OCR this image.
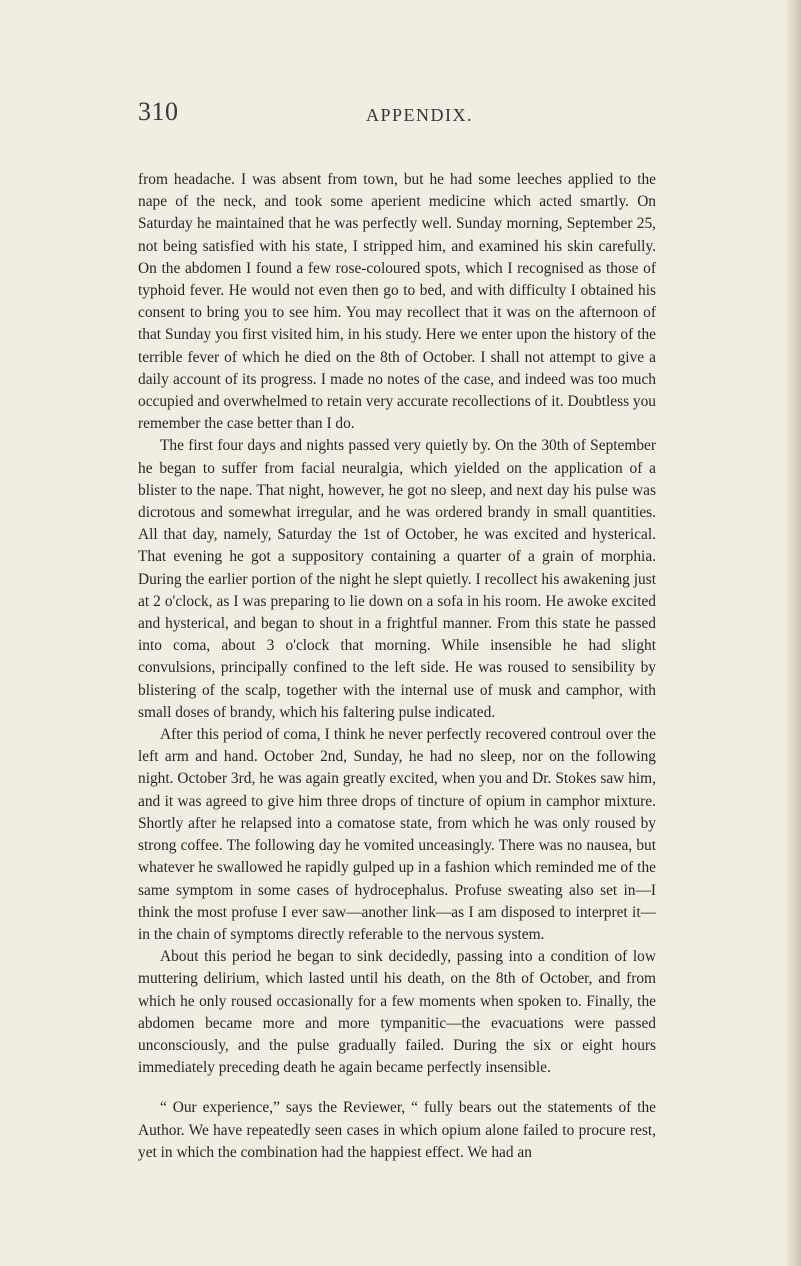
310	APPENDIX.

from headache. I was absent from town, but he had some leeches applied to the nape of the neck, and took some aperient medicine which acted smartly. On Saturday he maintained that he was perfectly well. Sunday morning, September 25, not being satisfied with his state, I stripped him, and examined his skin carefully. On the abdomen I found a few rose-coloured spots, which I recognised as those of typhoid fever. He would not even then go to bed, and with difficulty I obtained his consent to bring you to see him. You may recollect that it was on the afternoon of that Sunday you first visited him, in his study. Here we enter upon the history of the terrible fever of which he died on the 8th of October. I shall not attempt to give a daily account of its progress. I made no notes of the case, and indeed was too much occupied and overwhelmed to retain very accurate recollections of it. Doubtless you remember the case better than I do.

The first four days and nights passed very quietly by. On the 30th of September he began to suffer from facial neuralgia, which yielded on the application of a blister to the nape. That night, however, he got no sleep, and next day his pulse was dicrotous and somewhat irregular, and he was ordered brandy in small quantities. All that day, namely, Saturday the 1st of October, he was excited and hysterical. That evening he got a suppository containing a quarter of a grain of morphia. During the earlier portion of the night he slept quietly. I recollect his awakening just at 2 o'clock, as I was preparing to lie down on a sofa in his room. He awoke excited and hysterical, and began to shout in a frightful manner. From this state he passed into coma, about 3 o'clock that morning. While insensible he had slight convulsions, principally confined to the left side. He was roused to sensibility by blistering of the scalp, together with the internal use of musk and camphor, with small doses of brandy, which his faltering pulse indicated.

After this period of coma, I think he never perfectly recovered controul over the left arm and hand. October 2nd, Sunday, he had no sleep, nor on the following night. October 3rd, he was again greatly excited, when you and Dr. Stokes saw him, and it was agreed to give him three drops of tincture of opium in camphor mixture. Shortly after he relapsed into a comatose state, from which he was only roused by strong coffee. The following day he vomited unceasingly. There was no nausea, but whatever he swallowed he rapidly gulped up in a fashion which reminded me of the same symptom in some cases of hydrocephalus. Profuse sweating also set in—I think the most profuse I ever saw—another link—as I am disposed to interpret it—in the chain of symptoms directly referable to the nervous system.

About this period he began to sink decidedly, passing into a condition of low muttering delirium, which lasted until his death, on the 8th of October, and from which he only roused occasionally for a few moments when spoken to. Finally, the abdomen became more and more tympanitic—the evacuations were passed unconsciously, and the pulse gradually failed. During the six or eight hours immediately preceding death he again became perfectly insensible.

“ Our experience,” says the Reviewer, “ fully bears out the statements of the Author. We have repeatedly seen cases in which opium alone failed to procure rest, yet in which the combination had the happiest effect. We had an
